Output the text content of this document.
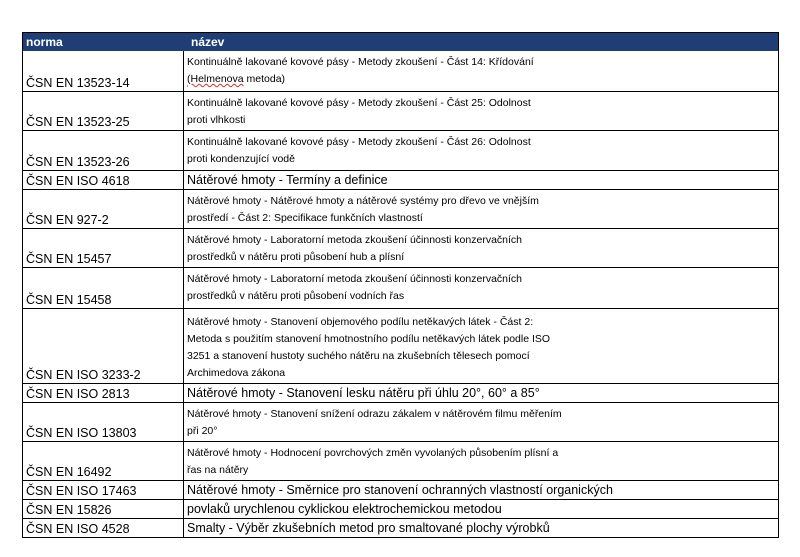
norma	název
ČSN EN 13523-14
Kontinuálně lakované kovové pásy - Metody zkoušení - Část 14: Křídování
(Helmenova metoda)
ČSN EN 13523-25
Kontinuálně lakované kovové pásy - Metody zkoušení - Část 25: Odolnost
proti vlhkosti
ČSN EN 13523-26
Kontinuálně lakované kovové pásy - Metody zkoušení - Část 26: Odolnost
proti kondenzující vodě
ČSN EN ISO 4618	Nátěrové hmoty - Termíny a definice
ČSN EN 927-2
Nátěrové hmoty - Nátěrové hmoty a nátěrové systémy pro dřevo ve vnějším
prostředí - Část 2: Specifikace funkčních vlastností
ČSN EN 15457
Nátěrové hmoty - Laboratorní metoda zkoušení účinnosti konzervačních
prostředků v nátěru proti působení hub a plísní
ČSN EN 15458
Nátěrové hmoty - Laboratorní metoda zkoušení účinnosti konzervačních
prostředků v nátěru proti působení vodních řas
ČSN EN ISO 3233-2
Nátěrové hmoty - Stanovení objemového podílu netěkavých látek - Část 2:
Metoda s použitím stanovení hmotnostního podílu netěkavých látek podle ISO
3251 a stanovení hustoty suchého nátěru na zkušebních tělesech pomocí
Archimedova zákona
ČSN EN ISO 2813	Nátěrové hmoty - Stanovení lesku nátěru při úhlu 20°, 60° a 85°
ČSN EN ISO 13803
Nátěrové hmoty - Stanovení snížení odrazu zákalem v nátěrovém filmu měřením
při 20°
ČSN EN 16492
Nátěrové hmoty - Hodnocení povrchových změn vyvolaných působením plísní a
řas na nátěry
ČSN EN ISO 17463	Nátěrové hmoty - Směrnice pro stanovení ochranných vlastností organických
ČSN EN 15826	povlaků urychlenou cyklickou elektrochemickou metodou
ČSN EN ISO 4528	Smalty - Výběr zkušebních metod pro smaltované plochy výrobků
